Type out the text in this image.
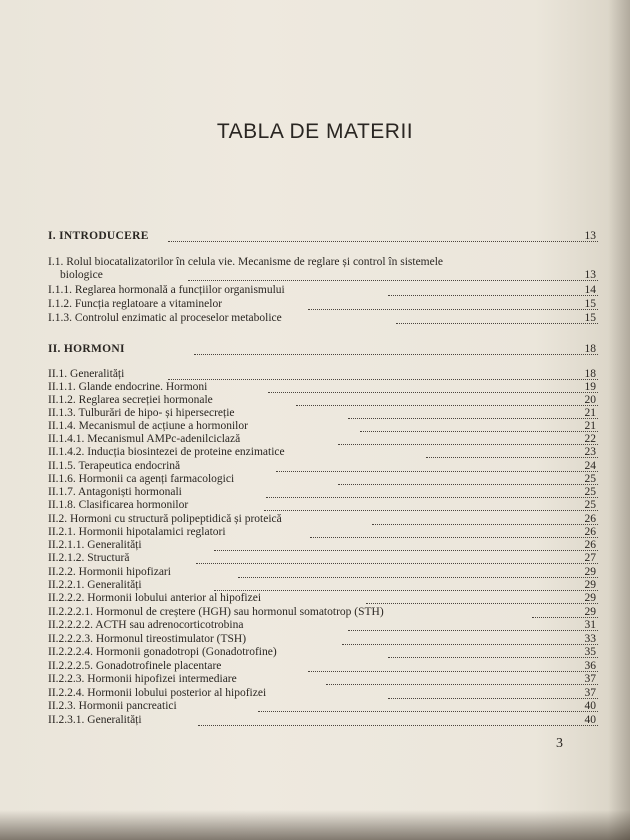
TABLA DE MATERII
I. INTRODUCERE	13
I.1. Rolul biocatalizatorilor în celula vie. Mecanisme de reglare și control în sistemele
biologice	13
I.1.1. Reglarea hormonală a funcțiilor organismului	14
I.1.2. Funcția reglatoare a vitaminelor	15
I.1.3. Controlul enzimatic al proceselor metabolice	15
II. HORMONI	18
II.1. Generalități	18
II.1.1. Glande endocrine. Hormoni	19
II.1.2. Reglarea secreției hormonale	20
II.1.3. Tulburări de hipo- și hipersecreție	21
II.1.4. Mecanismul de acțiune a hormonilor	21
II.1.4.1. Mecanismul AMPc-adenilciclază	22
II.1.4.2. Inducția biosintezei de proteine enzimatice	23
II.1.5. Terapeutica endocrină	24
II.1.6. Hormonii ca agenți farmacologici	25
II.1.7. Antagoniști hormonali	25
II.1.8. Clasificarea hormonilor	25
II.2. Hormoni cu structură polipeptidică și proteică	26
II.2.1. Hormonii hipotalamici reglatori	26
II.2.1.1. Generalități	26
II.2.1.2. Structură	27
II.2.2. Hormonii hipofizari	29
II.2.2.1. Generalități	29
II.2.2.2. Hormonii lobului anterior al hipofizei	29
II.2.2.2.1. Hormonul de creștere (HGH) sau hormonul somatotrop (STH)	29
II.2.2.2.2. ACTH sau adrenocorticotrobina	31
II.2.2.2.3. Hormonul tireostimulator (TSH)	33
II.2.2.2.4. Hormonii gonadotropi (Gonadotrofine)	35
II.2.2.2.5. Gonadotrofinele placentare	36
II.2.2.3. Hormonii hipofizei intermediare	37
II.2.2.4. Hormonii lobului posterior al hipofizei	37
II.2.3. Hormonii pancreatici	40
II.2.3.1. Generalități	40
3
